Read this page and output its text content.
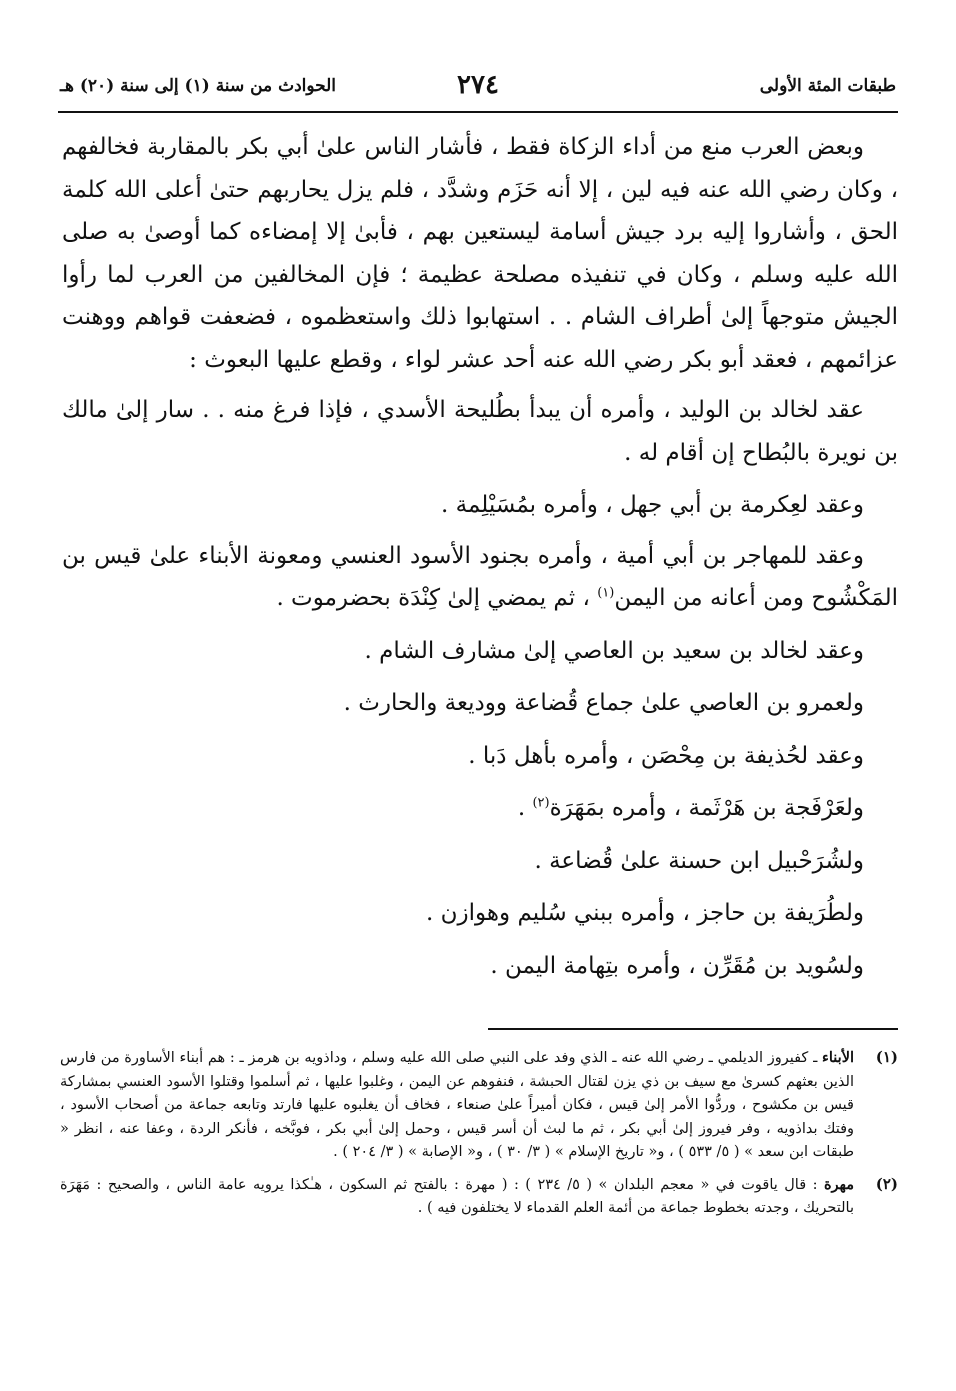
طبقات المئة الأولى
٢٧٤
الحوادث من سنة (١) إلى سنة (٢٠) هـ

وبعض العرب منع من أداء الزكاة فقط ، فأشار الناس علىٰ أبي بكر بالمقاربة فخالفهم ، وكان رضي الله عنه فيه لين ، إلا أنه حَزَم وشدَّد ، فلم يزل يحاربهم حتىٰ أعلى الله كلمة الحق ، وأشاروا إليه برد جيش أسامة ليستعين بهم ، فأبىٰ إلا إمضاءه كما أوصىٰ به صلى الله عليه وسلم ، وكان في تنفيذه مصلحة عظيمة ؛ فإن المخالفين من العرب لما رأوا الجيش متوجهاً إلىٰ أطراف الشام . . استهابوا ذلك واستعظموه ، فضعفت قواهم ووهنت عزائمهم ، فعقد أبو بكر رضي الله عنه أحد عشر لواء ، وقطع عليها البعوث :

عقد لخالد بن الوليد ، وأمره أن يبدأ بطُليحة الأسدي ، فإذا فرغ منه . . سار إلىٰ مالك بن نويرة بالبُطاح إن أقام له .

وعقد لعِكرمة بن أبي جهل ، وأمره بمُسَيْلِمة .

وعقد للمهاجر بن أبي أمية ، وأمره بجنود الأسود العنسي ومعونة الأبناء علىٰ قيس بن المَكْشُوح ومن أعانه من اليمن$^{(١)}$ ، ثم يمضي إلىٰ كِنْدَة بحضرموت .

وعقد لخالد بن سعيد بن العاصي إلىٰ مشارف الشام .

ولعمرو بن العاصي علىٰ جماع قُضاعة ووديعة والحارث .

وعقد لحُذيفة بن مِحْصَن ، وأمره بأهل دَبا .

ولعَرْفَجة بن هَرْثَمة ، وأمره بمَهَرَة$^{(٢)}$ .

ولشُرَحْبيل ابن حسنة علىٰ قُضاعة .

ولطُرَيفة بن حاجز ، وأمره ببني سُليم وهوازن .

ولسُويد بن مُقَرِّن ، وأمره بتِهامة اليمن .

(١)
الأبناء ـ كفيروز الديلمي ـ رضي الله عنه ـ الذي وفد على النبي صلى الله عليه وسلم ، وداذويه بن هرمز ـ : هم أبناء الأساورة من فارس الذين بعثهم كسرىٰ مع سيف بن ذي يزن لقتال الحبشة ، فنفوهم عن اليمن ، وغلبوا عليها ، ثم أسلموا وقتلوا الأسود العنسي بمشاركة قيس بن مكشوح ، وردُّوا الأمر إلىٰ قيس ، فكان أميراً علىٰ صنعاء ، فخاف أن يغلبوه عليها فارتد وتابعه جماعة من أصحاب الأسود ، وفتك بداذويه ، وفر فيروز إلىٰ أبي بكر ، ثم ما لبث أن أسر قيس ، وحمل إلىٰ أبي بكر ، فوبَّخه ، فأنكر الردة ، وعفا عنه ، انظر « طبقات ابن سعد » ( ٥/ ٥٣٣ ) ، و« تاريخ الإسلام » ( ٣/ ٣٠ ) ، و« الإصابة » ( ٣/ ٢٠٤ ) .

(٢)
مهرة : قال ياقوت في « معجم البلدان » ( ٥/ ٢٣٤ ) : ( مهرة : بالفتح ثم السكون ، هـٰكذا يرويه عامة الناس ، والصحيح : مَهَرَة بالتحريك ، وجدته بخطوط جماعة من أئمة العلم القدماء لا يختلفون فيه ) .
